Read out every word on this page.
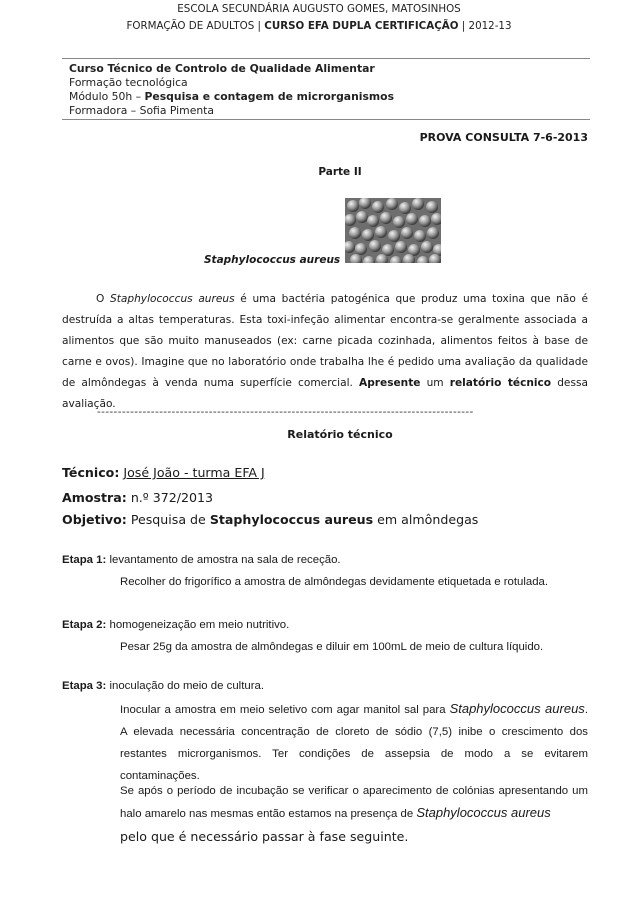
ESCOLA SECUNDÁRIA AUGUSTO GOMES, MATOSINHOS
FORMAÇÃO DE ADULTOS | CURSO EFA DUPLA CERTIFICAÇÃO | 2012-13
Curso Técnico de Controlo de Qualidade Alimentar
Formação tecnológica
Módulo 50h – Pesquisa e contagem de microrganismos
Formadora – Sofia Pimenta
PROVA CONSULTA 7-6-2013
Parte II
Staphylococcus aureus
O Staphylococcus aureus é uma bactéria patogénica que produz uma toxina que não é destruída a altas temperaturas. Esta toxi-infeção alimentar encontra-se geralmente associada a alimentos que são muito manuseados (ex: carne picada cozinhada, alimentos feitos à base de carne e ovos). Imagine que no laboratório onde trabalha lhe é pedido uma avaliação da qualidade de almôndegas à venda numa superfície comercial. Apresente um relatório técnico dessa avaliação.
-------------------------------------------------------------------------------------------
Relatório técnico
Técnico: José João - turma EFA J
Amostra: n.º 372/2013
Objetivo: Pesquisa de Staphylococcus aureus em almôndegas
Etapa 1: levantamento de amostra na sala de receção.
Recolher do frigorífico a amostra de almôndegas devidamente etiquetada e rotulada.
Etapa 2: homogeneização em meio nutritivo.
Pesar 25g da amostra de almôndegas e diluir em 100mL de meio de cultura líquido.
Etapa 3: inoculação do meio de cultura.
Inocular a amostra em meio seletivo com agar manitol sal para Staphylococcus aureus. A elevada necessária concentração de cloreto de sódio (7,5) inibe o crescimento dos restantes microrganismos. Ter condições de assepsia de modo a se evitarem contaminações.
Se após o período de incubação se verificar o aparecimento de colónias apresentando um halo amarelo nas mesmas então estamos na presença de Staphylococcus aureus
pelo que é necessário passar à fase seguinte.
